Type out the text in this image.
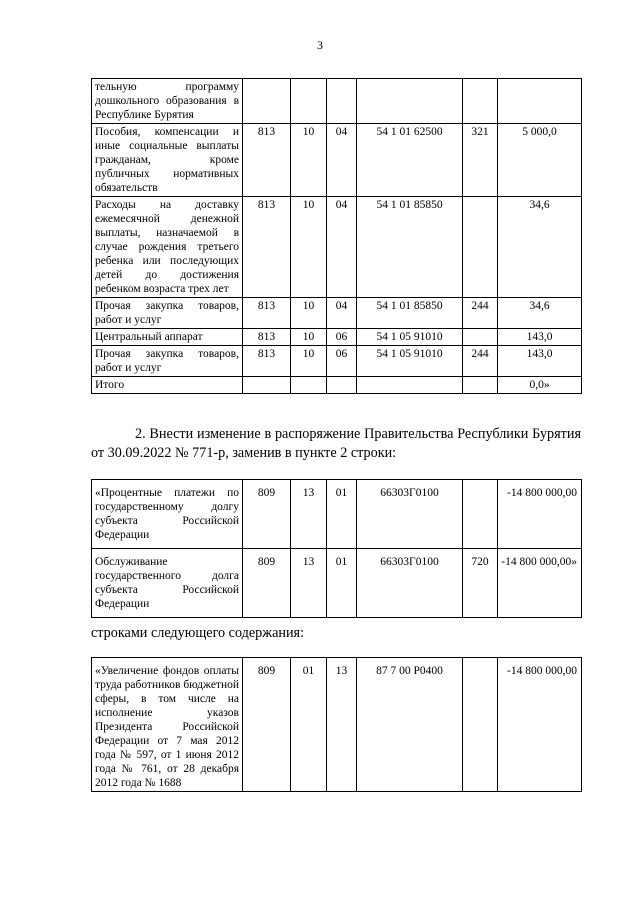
3
тельную программу дошкольного образования в Республике Бурятия						
Пособия, компенсации и иные социальные выплаты гражданам, кроме публичных нормативных обязательств	813	10	04	54 1 01 62500	321	5 000,0
Расходы на доставку ежемесячной денежной выплаты, назначаемой в случае рождения третьего ребенка или последующих детей до достижения ребенком возраста трех лет	813	10	04	54 1 01 85850		34,6
Прочая закупка товаров, работ и услуг	813	10	04	54 1 01 85850	244	34,6
Центральный аппарат	813	10	06	54 1 05 91010		143,0
Прочая закупка товаров, работ и услуг	813	10	06	54 1 05 91010	244	143,0
Итого						0,0»
2. Внести изменение в распоряжение Правительства Республики Бурятия от 30.09.2022 № 771-р, заменив в пункте 2 строки:
«Процентные платежи по государственному долгу субъекта Российской Федерации	809	13	01	66303Г0100		-14 800 000,00
Обслуживание государственного долга субъекта Российской Федерации	809	13	01	66303Г0100	720	-14 800 000,00»
строками следующего содержания:
«Увеличение фондов оплаты труда работников бюджетной сферы, в том числе на исполнение указов Президента Российской Федерации от 7 мая 2012 года № 597, от 1 июня 2012 года № 761, от 28 декабря 2012 года № 1688	809	01	13	87 7 00 Р0400		-14 800 000,00
